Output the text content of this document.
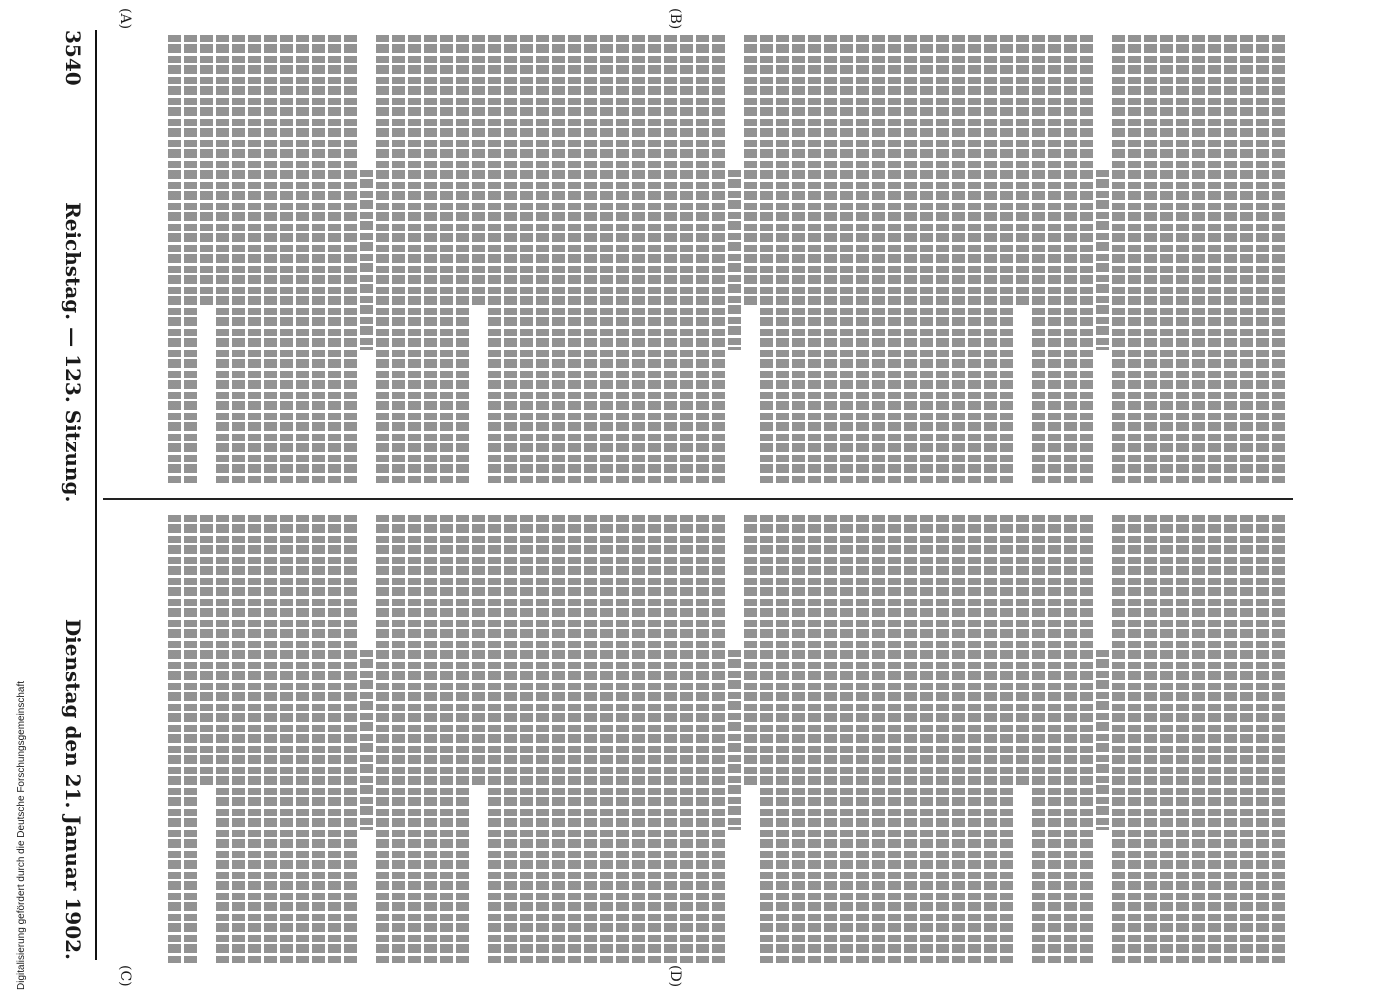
Digitalisierung gefördert durch die Deutsche Forschungsgemeinschaft
3540
Reichstag. — 123. Sitzung.
Dienstag den 21. Januar 1902.
(A)	(B)
(C)	(D)
